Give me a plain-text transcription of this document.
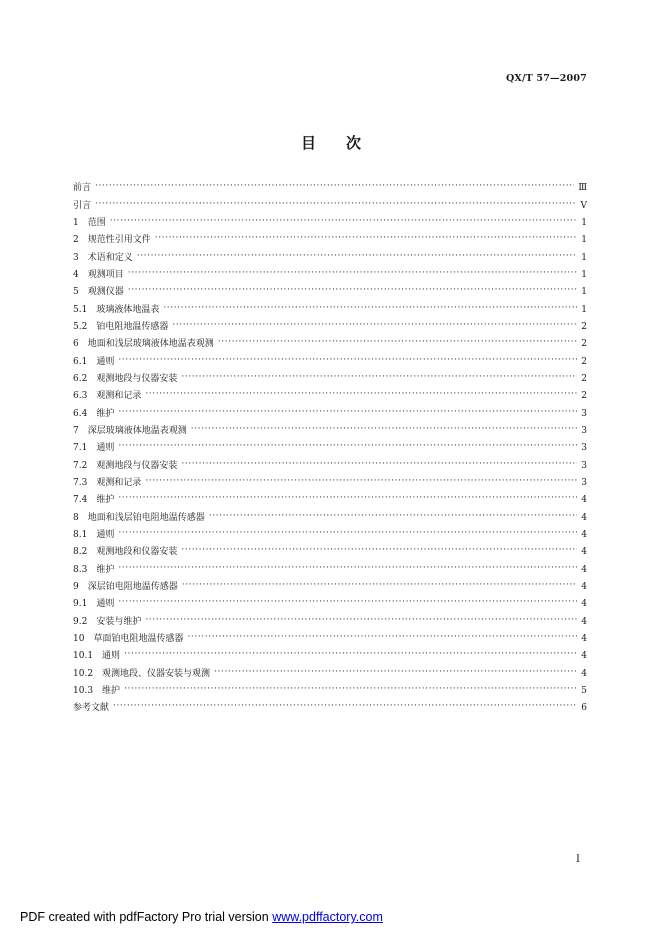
QX/T 57—2007
目   次
前言 ·····	Ⅲ
引言 ·····	Ⅴ
1 范围 ·····	1
2 规范性引用文件 ·····	1
3 术语和定义 ·····	1
4 观测项目 ·····	1
5 观测仪器 ·····	1
5.1 玻璃液体地温表 ·····	1
5.2 铂电阻地温传感器 ·····	2
6 地面和浅层玻璃液体地温表观测 ·····	2
6.1 通则 ·····	2
6.2 观测地段与仪器安装 ·····	2
6.3 观测和记录 ·····	2
6.4 维护 ·····	3
7 深层玻璃液体地温表观测 ·····	3
7.1 通则 ·····	3
7.2 观测地段与仪器安装 ·····	3
7.3 观测和记录 ·····	3
7.4 维护 ·····	4
8 地面和浅层铂电阻地温传感器 ·····	4
8.1 通则 ·····	4
8.2 观测地段和仪器安装 ·····	4
8.3 维护 ·····	4
9 深层铂电阻地温传感器 ·····	4
9.1 通则 ·····	4
9.2 安装与维护 ·····	4
10 草面铂电阻地温传感器 ·····	4
10.1 通则 ·····	4
10.2 观测地段、仪器安装与观测 ·····	4
10.3 维护 ·····	5
参考文献 ·····	6
I
PDF created with pdfFactory Pro trial version www.pdffactory.com
